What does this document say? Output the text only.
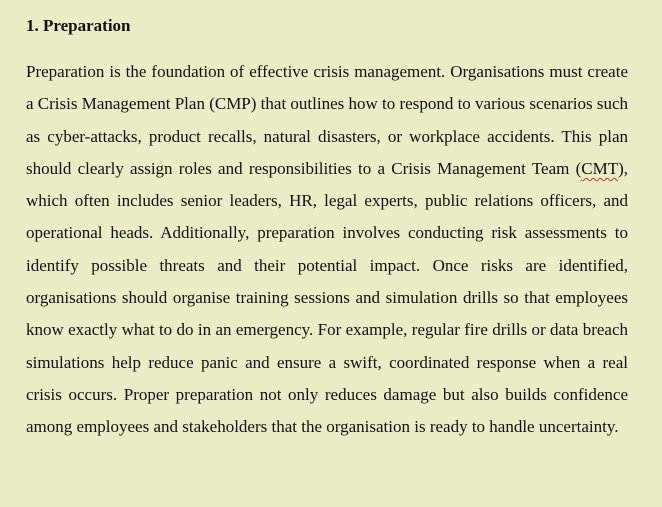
1. Preparation

Preparation is the foundation of effective crisis management. Organisations must create a Crisis Management Plan (CMP) that outlines how to respond to various scenarios such as cyber-attacks, product recalls, natural disasters, or workplace accidents. This plan should clearly assign roles and responsibilities to a Crisis Management Team (CMT), which often includes senior leaders, HR, legal experts, public relations officers, and operational heads. Additionally, preparation involves conducting risk assessments to identify possible threats and their potential impact. Once risks are identified, organisations should organise training sessions and simulation drills so that employees know exactly what to do in an emergency. For example, regular fire drills or data breach simulations help reduce panic and ensure a swift, coordinated response when a real crisis occurs. Proper preparation not only reduces damage but also builds confidence among employees and stakeholders that the organisation is ready to handle uncertainty.
